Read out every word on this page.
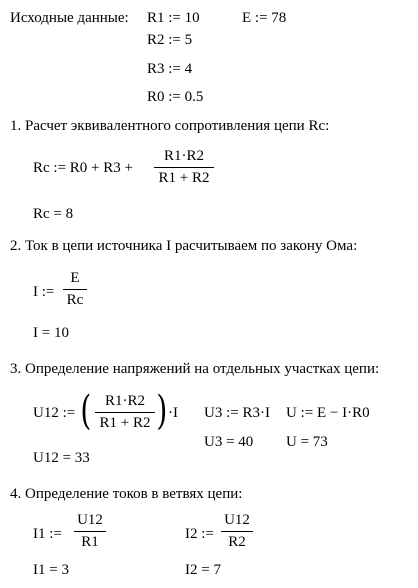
Исходные данные: R1 := 10	E := 78
R2 := 5
R3 := 4
R0 := 0.5
1. Расчет эквивалентного сопротивления цепи Rc:
Rc := R0 + R3 +
R1·R2
R1 + R2
Rc = 8
2. Ток в цепи источника I расчитываем по закону Ома:
I :=
E
Rc
I = 10
3. Определение напряжений на отдельных участках цепи:
U12 := ( R1·R2
R1 + R2 ) ·I U3 := R3·I U := E − I·R0
U3 = 40 U = 73
U12 = 33
4. Определение токов в ветвях цепи:
I1 :=
U12
R1	I2 :=
U12
R2
I1 = 3	I2 = 7
